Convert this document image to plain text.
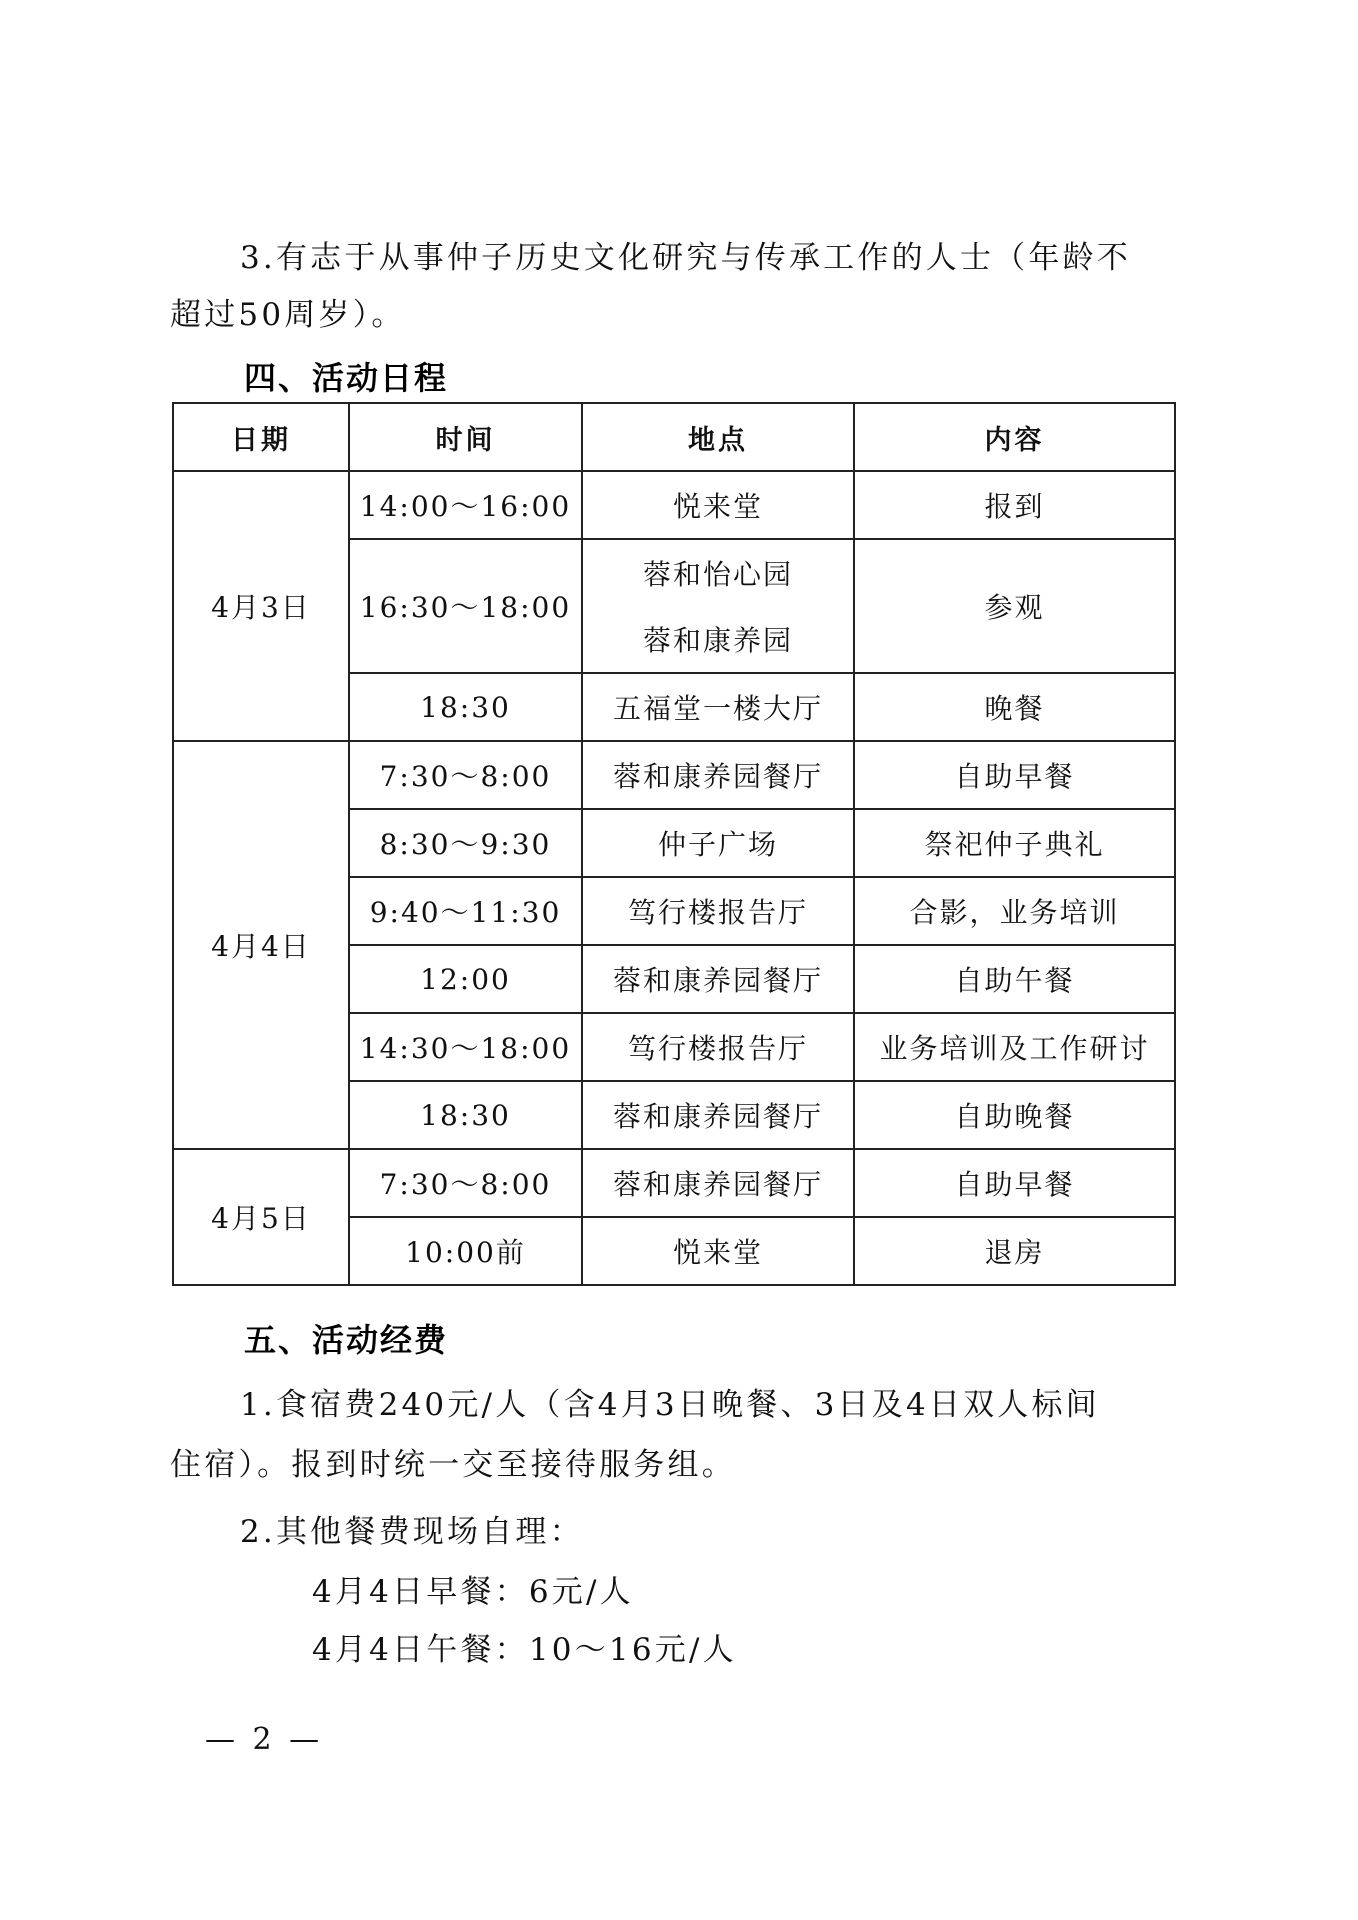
3.有志于从事仲子历史文化研究与传承工作的人士（年龄不
超过50周岁）。
四、活动日程
日期	时间	地点	内容
4月3日	14:00～16:00	悦来堂	报到
	16:30～18:00	蓉和怡心园	参观
		蓉和康养园	
	18:30	五福堂一楼大厅	晚餐
4月4日	7:30～8:00	蓉和康养园餐厅	自助早餐
	8:30～9:30	仲子广场	祭祀仲子典礼
	9:40～11:30	笃行楼报告厅	合影，业务培训
	12:00	蓉和康养园餐厅	自助午餐
	14:30～18:00	笃行楼报告厅	业务培训及工作研讨
	18:30	蓉和康养园餐厅	自助晚餐
4月5日	7:30～8:00	蓉和康养园餐厅	自助早餐
	10:00前	悦来堂	退房
五、活动经费
1.食宿费240元/人（含4月3日晚餐、3日及4日双人标间
住宿）。报到时统一交至接待服务组。
2.其他餐费现场自理：
4月4日早餐：6元/人
4月4日午餐：10～16元/人
— 2 —
